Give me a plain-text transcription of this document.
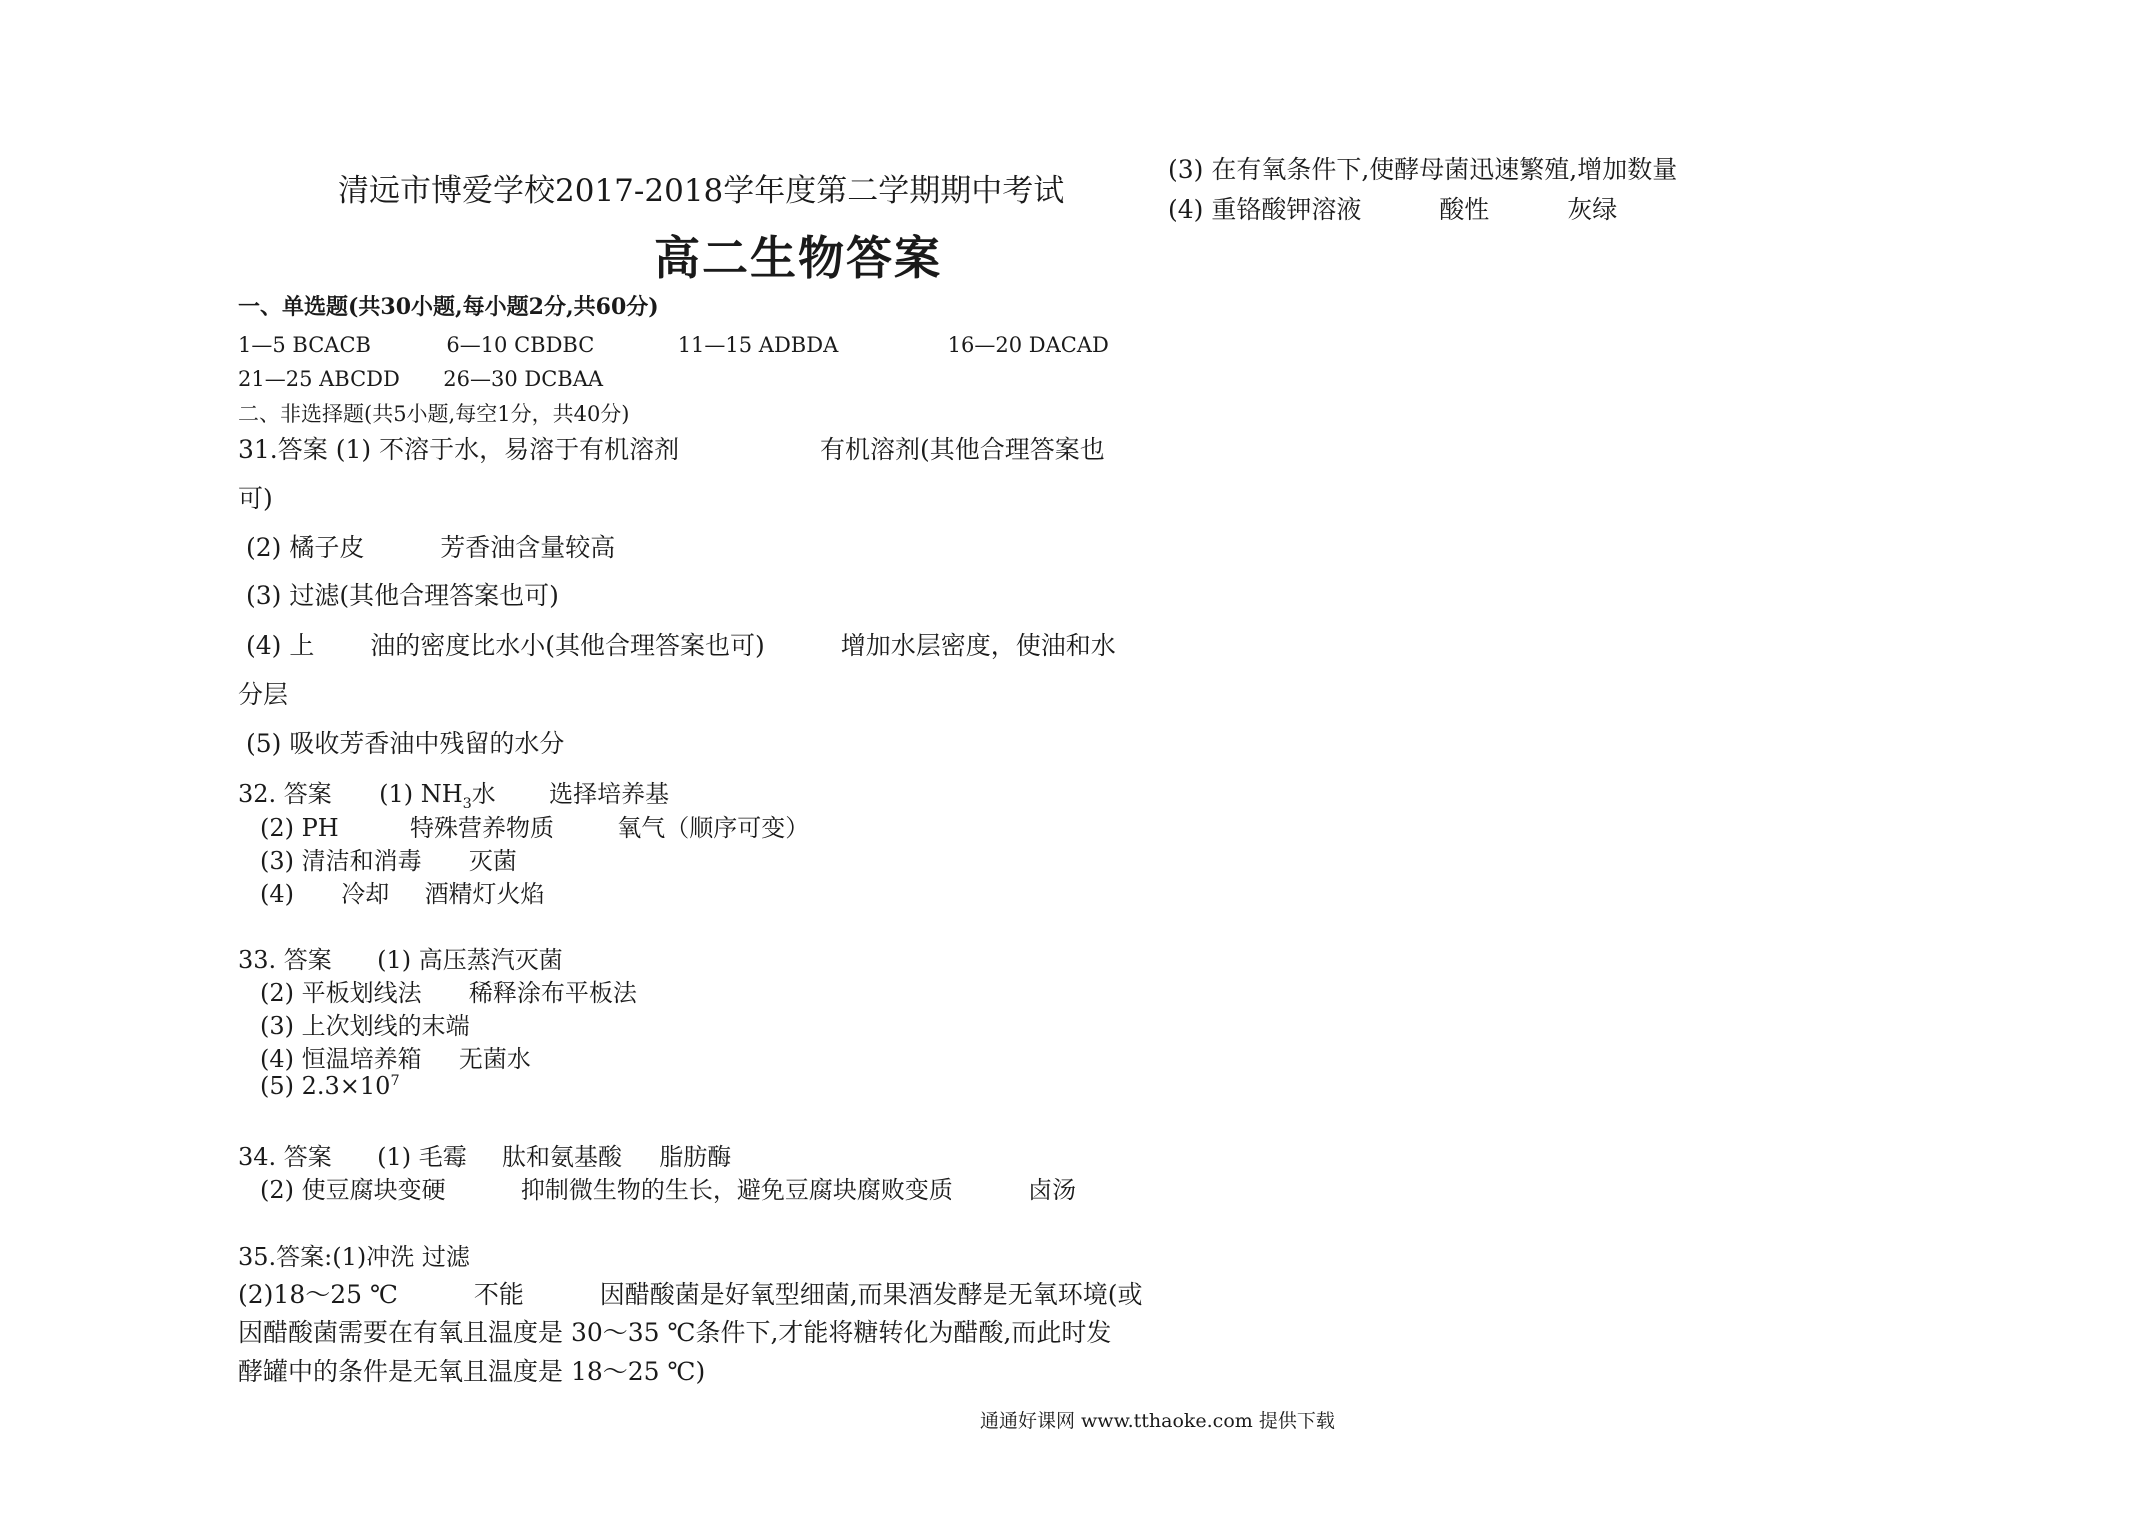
清远市博爱学校2017-2018学年度第二学期期中考试
高二生物答案
一、单选题(共30小题,每小题2分,共60分)
1—5 BCACB	6—10 CBDBC	11—15 ADBDA	16—20 DACAD
21—25 ABCDD 26—30 DCBAA
二、非选择题(共5小题,每空1分，共40分)
31.答案 (1) 不溶于水，易溶于有机溶剂	有机溶剂(其他合理答案也
可)
(2) 橘子皮	芳香油含量较高
(3) 过滤(其他合理答案也可)
(4) 上 油的密度比水小(其他合理答案也可)	增加水层密度，使油和水
分层
(5) 吸收芳香油中残留的水分
32. 答案 (1) $NH_3$水 选择培养基
(2) PH	特殊营养物质	氧气（顺序可变）
(3) 清洁和消毒 灭菌
(4) 冷却 酒精灯火焰
33. 答案 (1) 高压蒸汽灭菌
(2) 平板划线法 稀释涂布平板法
(3) 上次划线的末端
(4) 恒温培养箱 无菌水
(5) $2.3\times 10^7$
34. 答案 (1) 毛霉 肽和氨基酸 脂肪酶
(2) 使豆腐块变硬	抑制微生物的生长，避免豆腐块腐败变质	卤汤
35.答案:(1)冲洗 过滤
(2)18～25 ℃	不能	因醋酸菌是好氧型细菌,而果酒发酵是无氧环境(或
因醋酸菌需要在有氧且温度是 30～35 ℃条件下,才能将糖转化为醋酸,而此时发
酵罐中的条件是无氧且温度是 18～25 ℃)
(3) 在有氧条件下,使酵母菌迅速繁殖,增加数量
(4) 重铬酸钾溶液	酸性	灰绿
通通好课网 www.tthaoke.com 提供下载
